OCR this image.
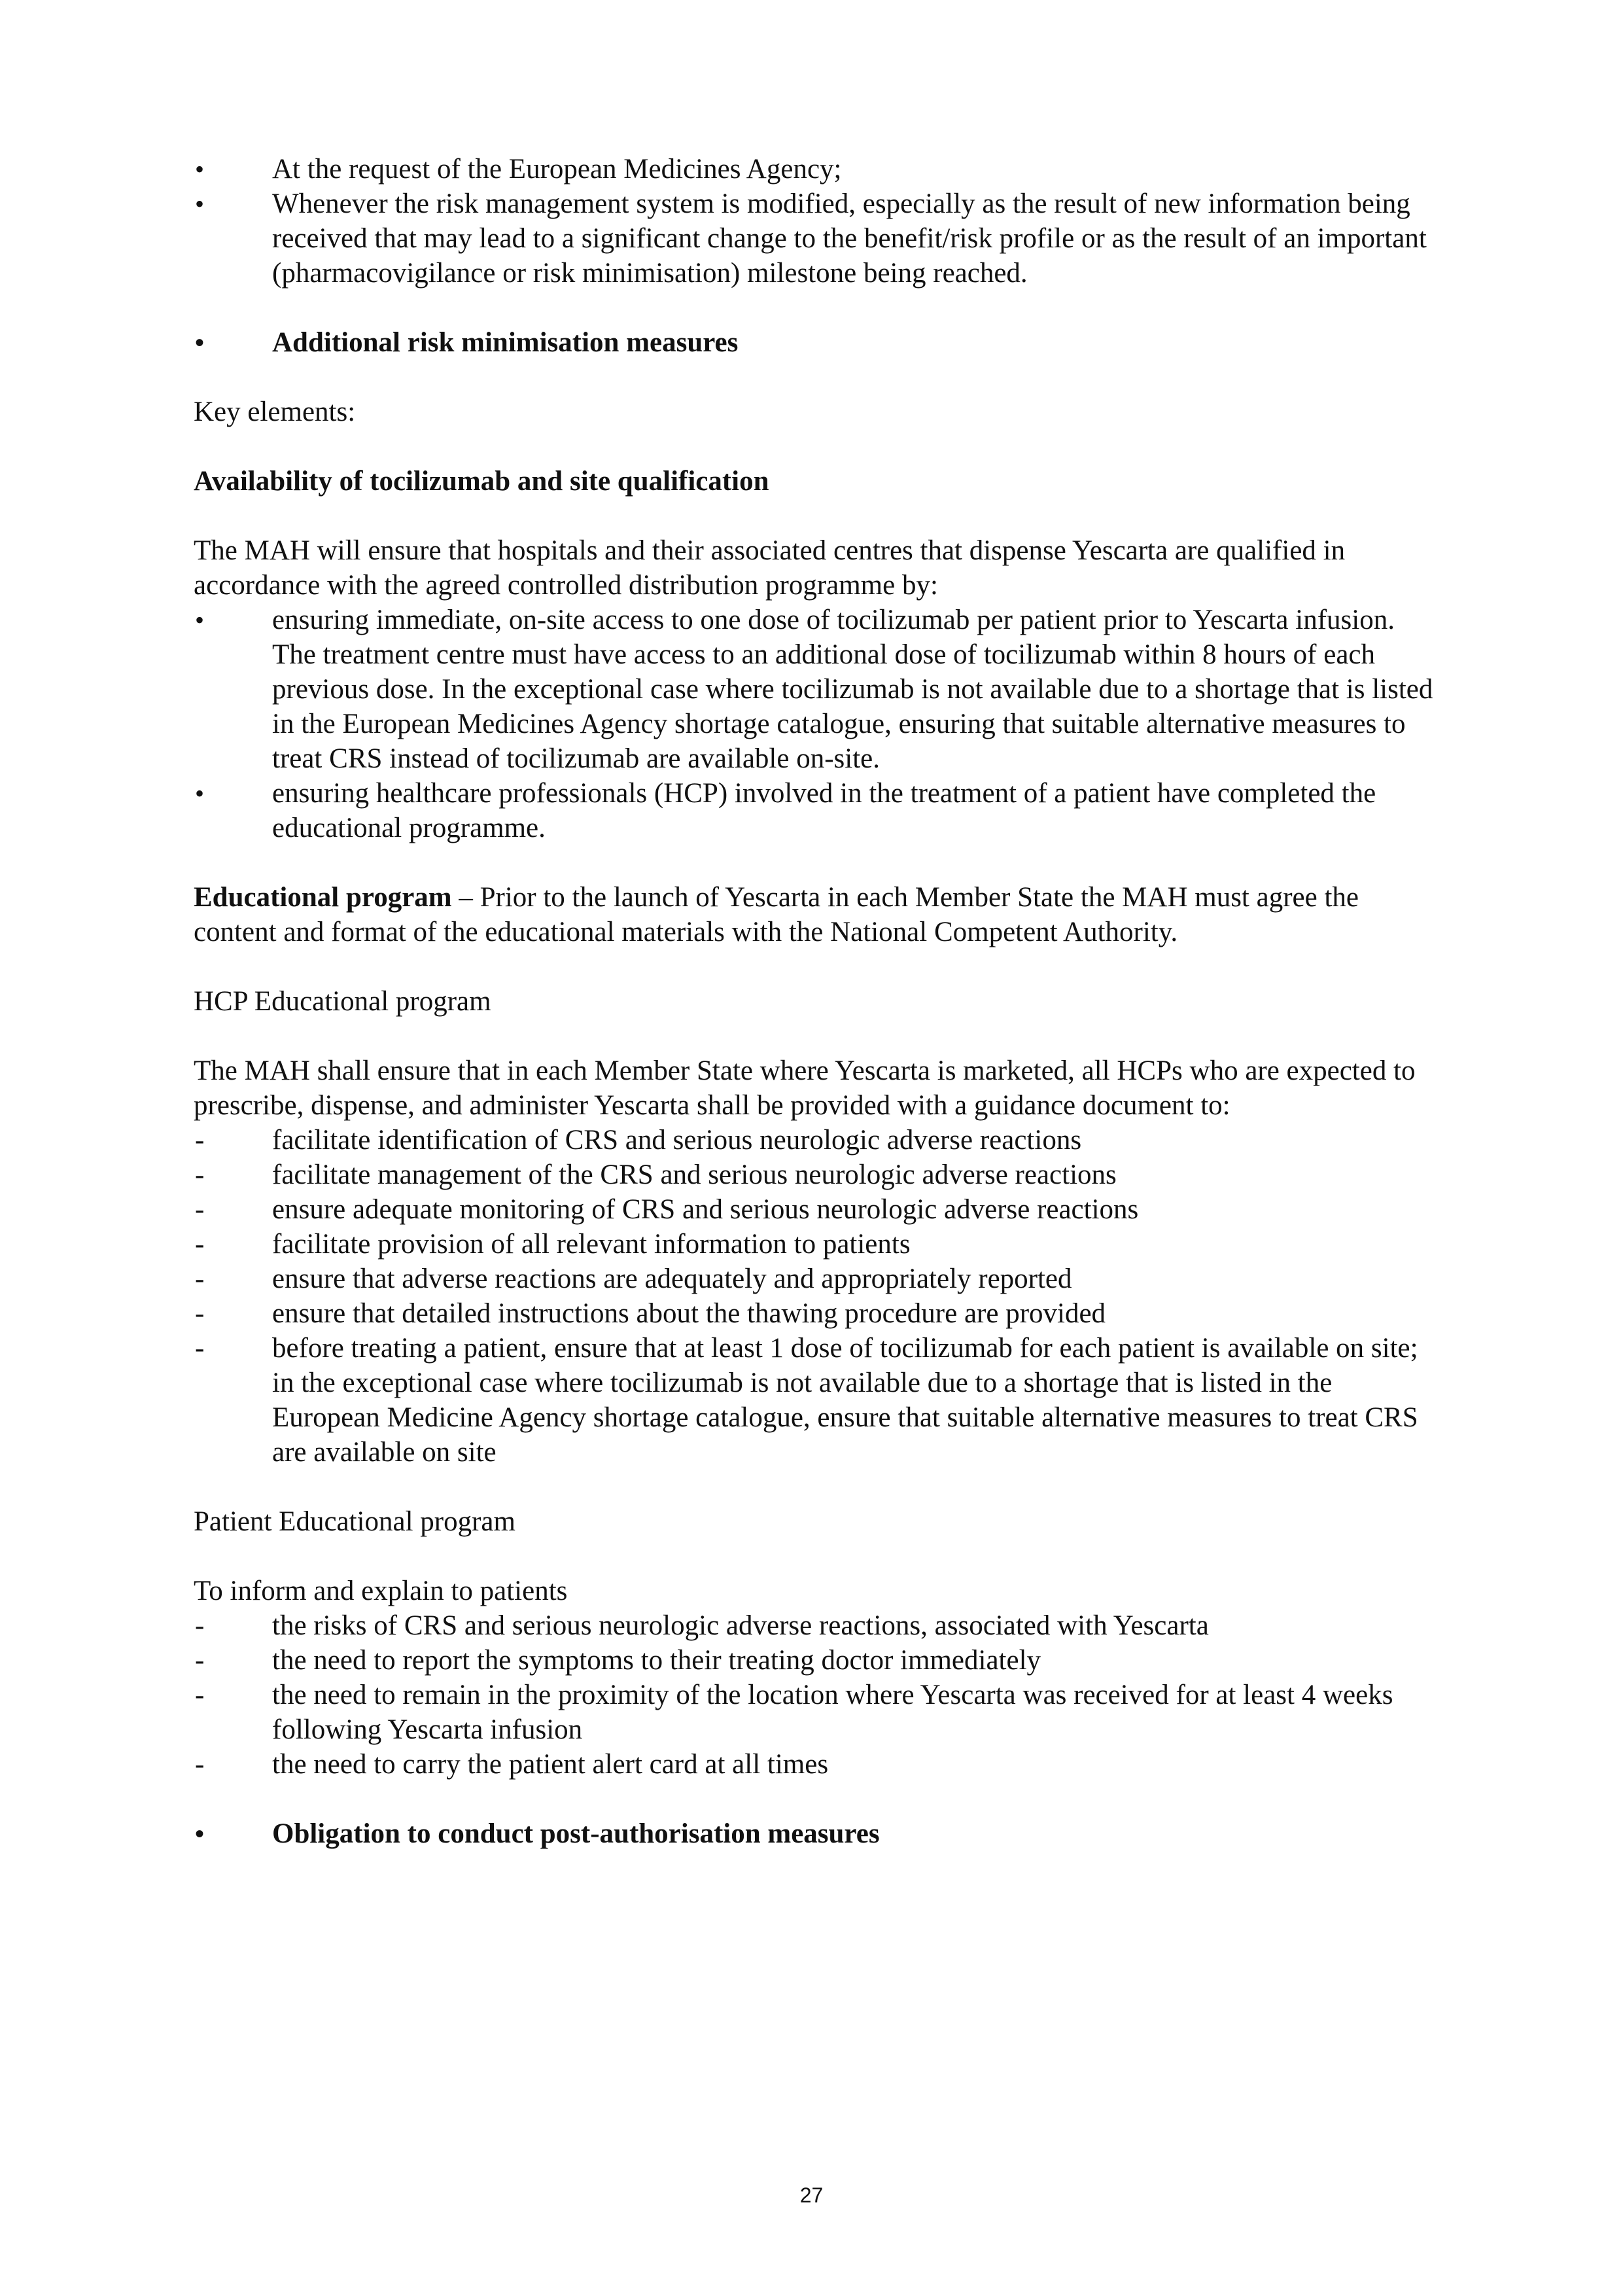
•	At the request of the European Medicines Agency;
•	Whenever the risk management system is modified, especially as the result of new information being received that may lead to a significant change to the benefit/risk profile or as the result of an important (pharmacovigilance or risk minimisation) milestone being reached.
•	Additional risk minimisation measures

Key elements:

Availability of tocilizumab and site qualification

The MAH will ensure that hospitals and their associated centres that dispense Yescarta are qualified in accordance with the agreed controlled distribution programme by:

•	ensuring immediate, on-site access to one dose of tocilizumab per patient prior to Yescarta infusion. The treatment centre must have access to an additional dose of tocilizumab within 8 hours of each previous dose. In the exceptional case where tocilizumab is not available due to a shortage that is listed in the European Medicines Agency shortage catalogue, ensuring that suitable alternative measures to treat CRS instead of tocilizumab are available on-site.
•	ensuring healthcare professionals (HCP) involved in the treatment of a patient have completed the educational programme.

Educational program – Prior to the launch of Yescarta in each Member State the MAH must agree the content and format of the educational materials with the National Competent Authority.

HCP Educational program

The MAH shall ensure that in each Member State where Yescarta is marketed, all HCPs who are expected to prescribe, dispense, and administer Yescarta shall be provided with a guidance document to:

-	facilitate identification of CRS and serious neurologic adverse reactions
-	facilitate management of the CRS and serious neurologic adverse reactions
-	ensure adequate monitoring of CRS and serious neurologic adverse reactions
-	facilitate provision of all relevant information to patients
-	ensure that adverse reactions are adequately and appropriately reported
-	ensure that detailed instructions about the thawing procedure are provided
-	before treating a patient, ensure that at least 1 dose of tocilizumab for each patient is available on site; in the exceptional case where tocilizumab is not available due to a shortage that is listed in the European Medicine Agency shortage catalogue, ensure that suitable alternative measures to treat CRS are available on site

Patient Educational program

To inform and explain to patients

-	the risks of CRS and serious neurologic adverse reactions, associated with Yescarta
-	the need to report the symptoms to their treating doctor immediately
-	the need to remain in the proximity of the location where Yescarta was received for at least 4 weeks following Yescarta infusion
-	the need to carry the patient alert card at all times
•	Obligation to conduct post-authorisation measures
27
